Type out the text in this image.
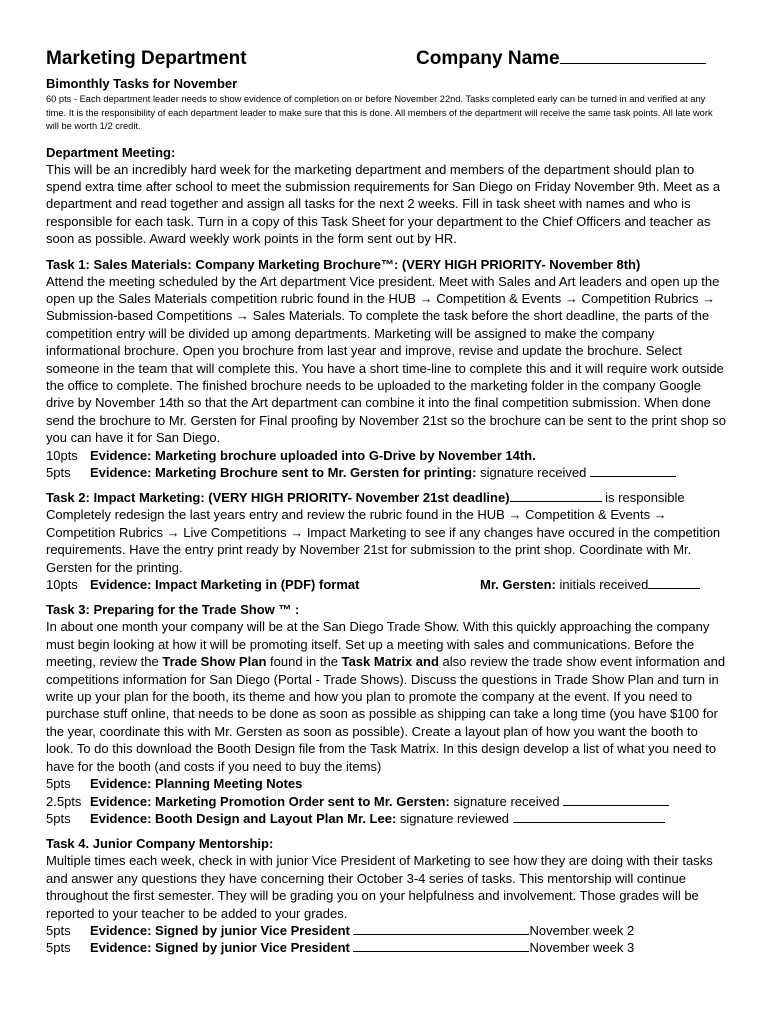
Marketing Department	Company Name
Bimonthly Tasks for November
60 pts - Each department leader needs to show evidence of completion on or before November 22nd. Tasks completed early can be turned in and verified at any time. It is the responsibility of each department leader to make sure that this is done. All members of the department will receive the same task points. All late work will be worth 1/2 credit.
Department Meeting:
This will be an incredibly hard week for the marketing department and members of the department should plan to spend extra time after school to meet the submission requirements for San Diego on Friday November 9th. Meet as a department and read together and assign all tasks for the next 2 weeks. Fill in task sheet with names and who is responsible for each task. Turn in a copy of this Task Sheet for your department to the Chief Officers and teacher as soon as possible. Award weekly work points in the form sent out by HR.
Task 1: Sales Materials: Company Marketing Brochure™: (VERY HIGH PRIORITY- November 8th)
Attend the meeting scheduled by the Art department Vice president. Meet with Sales and Art leaders and open up the open up the Sales Materials competition rubric found in the HUB → Competition & Events → Competition Rubrics → Submission-based Competitions → Sales Materials. To complete the task before the short deadline, the parts of the competition entry will be divided up among departments. Marketing will be assigned to make the company informational brochure. Open you brochure from last year and improve, revise and update the brochure. Select someone in the team that will complete this. You have a short time-line to complete this and it will require work outside the office to complete. The finished brochure needs to be uploaded to the marketing folder in the company Google drive by November 14th so that the Art department can combine it into the final competition submission. When done send the brochure to Mr. Gersten for Final proofing by November 21st so the brochure can be sent to the print shop so you can have it for San Diego.
10pts Evidence: Marketing brochure uploaded into G-Drive by November 14th.
5pts Evidence: Marketing Brochure sent to Mr. Gersten for printing: signature received
Task 2: Impact Marketing: (VERY HIGH PRIORITY- November 21st deadline)	is responsible
Completely redesign the last years entry and review the rubric found in the HUB → Competition & Events → Competition Rubrics → Live Competitions → Impact Marketing to see if any changes have occured in the competition requirements. Have the entry print ready by November 21st for submission to the print shop. Coordinate with Mr. Gersten for the printing.
10pts Evidence: Impact Marketing in (PDF) format	Mr. Gersten: initials received
Task 3: Preparing for the Trade Show ™ :
In about one month your company will be at the San Diego Trade Show. With this quickly approaching the company must begin looking at how it will be promoting itself. Set up a meeting with sales and communications. Before the meeting, review the Trade Show Plan found in the Task Matrix and also review the trade show event information and competitions information for San Diego (Portal - Trade Shows). Discuss the questions in Trade Show Plan and turn in write up your plan for the booth, its theme and how you plan to promote the company at the event. If you need to purchase stuff online, that needs to be done as soon as possible as shipping can take a long time (you have $100 for the year, coordinate this with Mr. Gersten as soon as possible). Create a layout plan of how you want the booth to look. To do this download the Booth Design file from the Task Matrix. In this design develop a list of what you need to have for the booth (and costs if you need to buy the items)
5pts Evidence: Planning Meeting Notes
2.5pts Evidence: Marketing Promotion Order sent to Mr. Gersten: signature received
5pts Evidence: Booth Design and Layout Plan Mr. Lee: signature reviewed
Task 4. Junior Company Mentorship:
Multiple times each week, check in with junior Vice President of Marketing to see how they are doing with their tasks and answer any questions they have concerning their October 3-4 series of tasks. This mentorship will continue throughout the first semester. They will be grading you on your helpfulness and involvement. Those grades will be reported to your teacher to be added to your grades.
5pts Evidence: Signed by junior Vice President	November week 2
5pts Evidence: Signed by junior Vice President	November week 3
